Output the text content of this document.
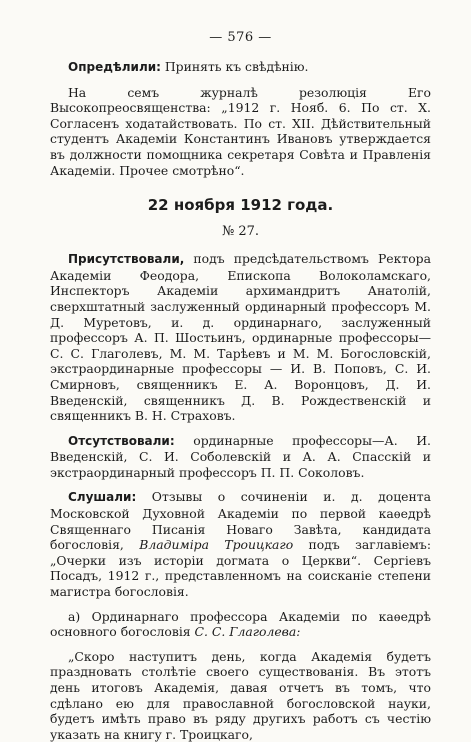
— 576 —

Опредѣлили: Принять къ свѣдѣнію.

На семъ журналѣ резолюція Его Высокопреосвященства: „1912 г. Нояб. 6. По ст. X. Согласенъ ходатайствовать. По ст. XII. Дѣйствительный студентъ Академіи Константинъ Ивановъ утверждается въ должности помощника секретаря Совѣта и Правленія Академіи. Прочее смотрѣно“.

22 ноября 1912 года.
№ 27.

Присутствовали, подъ предсѣдательствомъ Ректора Академіи Феодора, Епископа Волоколамскаго, Инспекторъ Академіи архимандритъ Анатолій, сверхштатный заслуженный ординарный профессоръ М. Д. Муретовъ, и. д. ординарнаго, заслуженный профессоръ А. П. Шостьинъ, ординарные профессоры—С. С. Глаголевъ, М. М. Тарѣевъ и М. М. Богословскій, экстраординарные профессоры — И. В. Поповъ, С. И. Смирновъ, священникъ Е. А. Воронцовъ, Д. И. Введенскій, священникъ Д. В. Рождественскій и священникъ В. Н. Страховъ.

Отсутствовали: ординарные профессоры—А. И. Введенскій, С. И. Соболевскій и А. А. Спасскій и экстраординарный профессоръ П. П. Соколовъ.

Слушали: Отзывы о сочиненіи и. д. доцента Московской Духовной Академіи по первой каѳедрѣ Священнаго Писанія Новаго Завѣта, кандидата богословія, Владиміра Троицкаго подъ заглавіемъ: „Очерки изъ исторіи догмата о Церкви“. Сергіевъ Посадъ, 1912 г., представленномъ на соисканіе степени магистра богословія.

а) Ординарнаго профессора Академіи по каѳедрѣ основного богословія С. С. Глаголева:

„Скоро наступитъ день, когда Академія будетъ праздновать столѣтіе своего существованія. Въ этотъ день итоговъ Академія, давая отчетъ въ томъ, что сдѣлано ею для православной богословской науки, будетъ имѣть право въ ряду другихъ работъ съ честію указать на книгу г. Троицкаго,
